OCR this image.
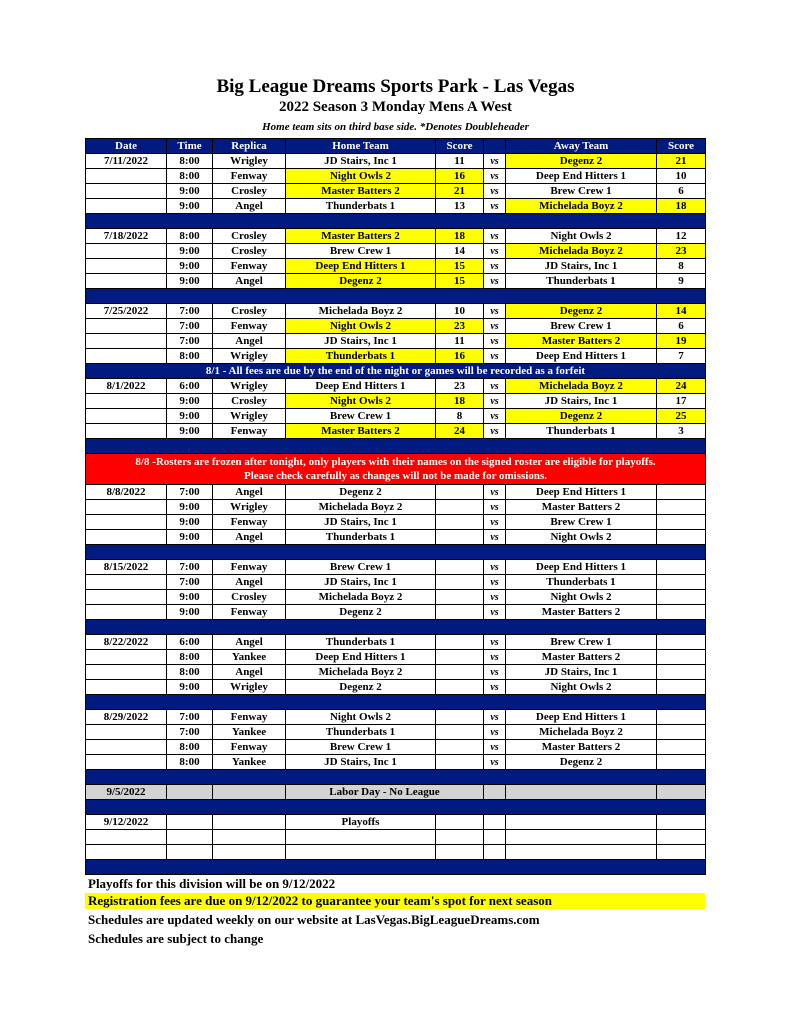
Big League Dreams Sports Park - Las Vegas
2022 Season 3 Monday Mens A West
Home team sits on third base side. *Denotes Doubleheader
Date	Time	Replica	Home Team	Score		Away Team	Score
7/11/2022	8:00	Wrigley	JD Stairs, Inc 1	11	vs	Degenz 2	21
	8:00	Fenway	Night Owls 2	16	vs	Deep End Hitters 1	10
	9:00	Crosley	Master Batters 2	21	vs	Brew Crew 1	6
	9:00	Angel	Thunderbats 1	13	vs	Michelada Boyz 2	18

7/18/2022	8:00	Crosley	Master Batters 2	18	vs	Night Owls 2	12
	9:00	Crosley	Brew Crew 1	14	vs	Michelada Boyz 2	23
	9:00	Fenway	Deep End Hitters 1	15	vs	JD Stairs, Inc 1	8
	9:00	Angel	Degenz 2	15	vs	Thunderbats 1	9

7/25/2022	7:00	Crosley	Michelada Boyz 2	10	vs	Degenz 2	14
	7:00	Fenway	Night Owls 2	23	vs	Brew Crew 1	6
	7:00	Angel	JD Stairs, Inc 1	11	vs	Master Batters 2	19
	8:00	Wrigley	Thunderbats 1	16	vs	Deep End Hitters 1	7
8/1 - All fees are due by the end of the night or games will be recorded as a forfeit							
8/1/2022	6:00	Wrigley	Deep End Hitters 1	23	vs	Michelada Boyz 2	24
	9:00	Crosley	Night Owls 2	18	vs	JD Stairs, Inc 1	17
	9:00	Wrigley	Brew Crew 1	8	vs	Degenz 2	25
	9:00	Fenway	Master Batters 2	24	vs	Thunderbats 1	3

8/8 -Rosters are frozen after tonight, only players with their names on the signed roster are eligible for playoffs.
Please check carefully as changes will not be made for omissions.							

8/8/2022	7:00	Angel	Degenz 2		vs	Deep End Hitters 1	
	9:00	Wrigley	Michelada Boyz 2		vs	Master Batters 2	
	9:00	Fenway	JD Stairs, Inc 1		vs	Brew Crew 1	
	9:00	Angel	Thunderbats 1		vs	Night Owls 2	

8/15/2022	7:00	Fenway	Brew Crew 1		vs	Deep End Hitters 1	
	7:00	Angel	JD Stairs, Inc 1		vs	Thunderbats 1	
	9:00	Crosley	Michelada Boyz 2		vs	Night Owls 2	
	9:00	Fenway	Degenz 2		vs	Master Batters 2	

8/22/2022	6:00	Angel	Thunderbats 1		vs	Brew Crew 1	
	8:00	Yankee	Deep End Hitters 1		vs	Master Batters 2	
	8:00	Angel	Michelada Boyz 2		vs	JD Stairs, Inc 1	
	9:00	Wrigley	Degenz 2		vs	Night Owls 2	

8/29/2022	7:00	Fenway	Night Owls 2		vs	Deep End Hitters 1	
	7:00	Yankee	Thunderbats 1		vs	Michelada Boyz 2	
	8:00	Fenway	Brew Crew 1		vs	Master Batters 2	
	8:00	Yankee	JD Stairs, Inc 1		vs	Degenz 2	

9/5/2022			Labor Day - No League				

9/12/2022			Playoffs				

Playoffs for this division will be on 9/12/2022
Registration fees are due on 9/12/2022 to guarantee your team's spot for next season
Schedules are updated weekly on our website at LasVegas.BigLeagueDreams.com
Schedules are subject to change
